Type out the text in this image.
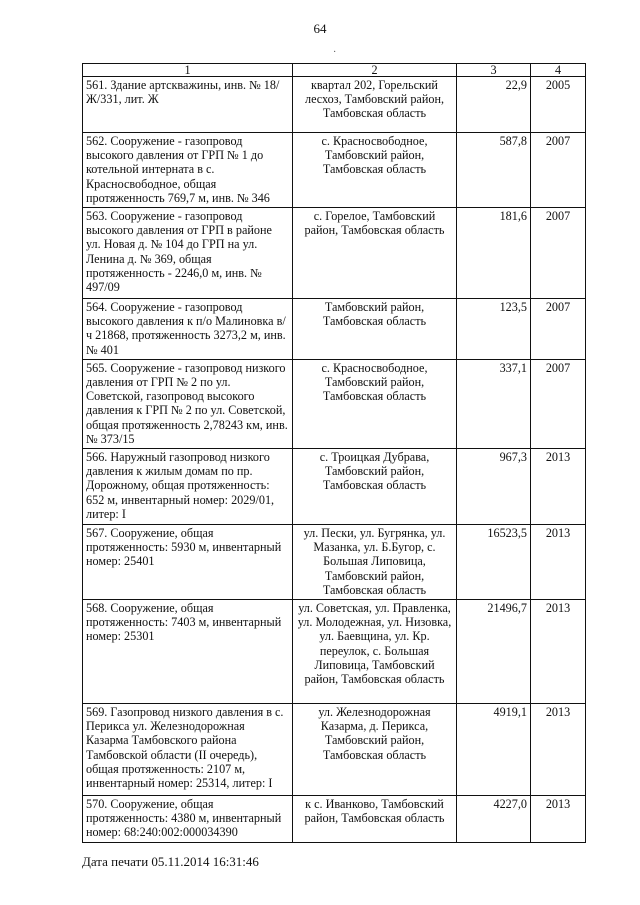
64
·
1	2	3	4
561. Здание артскважины, инв. № 18/Ж/331, лит. Ж	квартал 202, Горельский лесхоз, Тамбовский район, Тамбовская область	22,9	2005
562. Сооружение - газопровод высокого давления от ГРП № 1 до котельной интерната в с. Красносвободное, общая протяженность 769,7 м, инв. № 346	с. Красносвободное, Тамбовский район, Тамбовская область	587,8	2007
563. Сооружение - газопровод высокого давления от ГРП в районе ул. Новая д. № 104 до ГРП на ул. Ленина д. № 369, общая протяженность - 2246,0 м, инв. № 497/09	с. Горелое, Тамбовский район, Тамбовская область	181,6	2007
564. Сооружение - газопровод высокого давления к п/о Малиновка в/ч 21868, протяженность 3273,2 м, инв. № 401	Тамбовский район, Тамбовская область	123,5	2007
565. Сооружение - газопровод низкого давления от ГРП № 2 по ул. Советской, газопровод высокого давления к ГРП № 2 по ул. Советской, общая протяженность 2,78243 км, инв. № 373/15	с. Красносвободное, Тамбовский район, Тамбовская область	337,1	2007
566. Наружный газопровод низкого давления к жилым домам по пр. Дорожному, общая протяженность: 652 м, инвентарный номер: 2029/01, литер: I	с. Троицкая Дубрава, Тамбовский район, Тамбовская область	967,3	2013
567. Сооружение, общая протяженность: 5930 м, инвентарный номер: 25401	ул. Пески, ул. Бугрянка, ул. Мазанка, ул. Б.Бугор, с. Большая Липовица, Тамбовский район, Тамбовская область	16523,5	2013
568. Сооружение, общая протяженность: 7403 м, инвентарный номер: 25301	ул. Советская, ул. Правленка, ул. Молодежная, ул. Низовка, ул. Баевщина, ул. Кр. переулок, с. Большая Липовица, Тамбовский район, Тамбовская область	21496,7	2013
569. Газопровод низкого давления в с. Перикса ул. Железнодорожная Казарма Тамбовского района Тамбовской области (II очередь), общая протяженность: 2107 м, инвентарный номер: 25314, литер: I	ул. Железнодорожная Казарма, д. Перикса, Тамбовский район, Тамбовская область	4919,1	2013
570. Сооружение, общая протяженность: 4380 м, инвентарный номер: 68:240:002:000034390	к с. Иванково, Тамбовский район, Тамбовская область	4227,0	2013
Дата печати 05.11.2014 16:31:46
